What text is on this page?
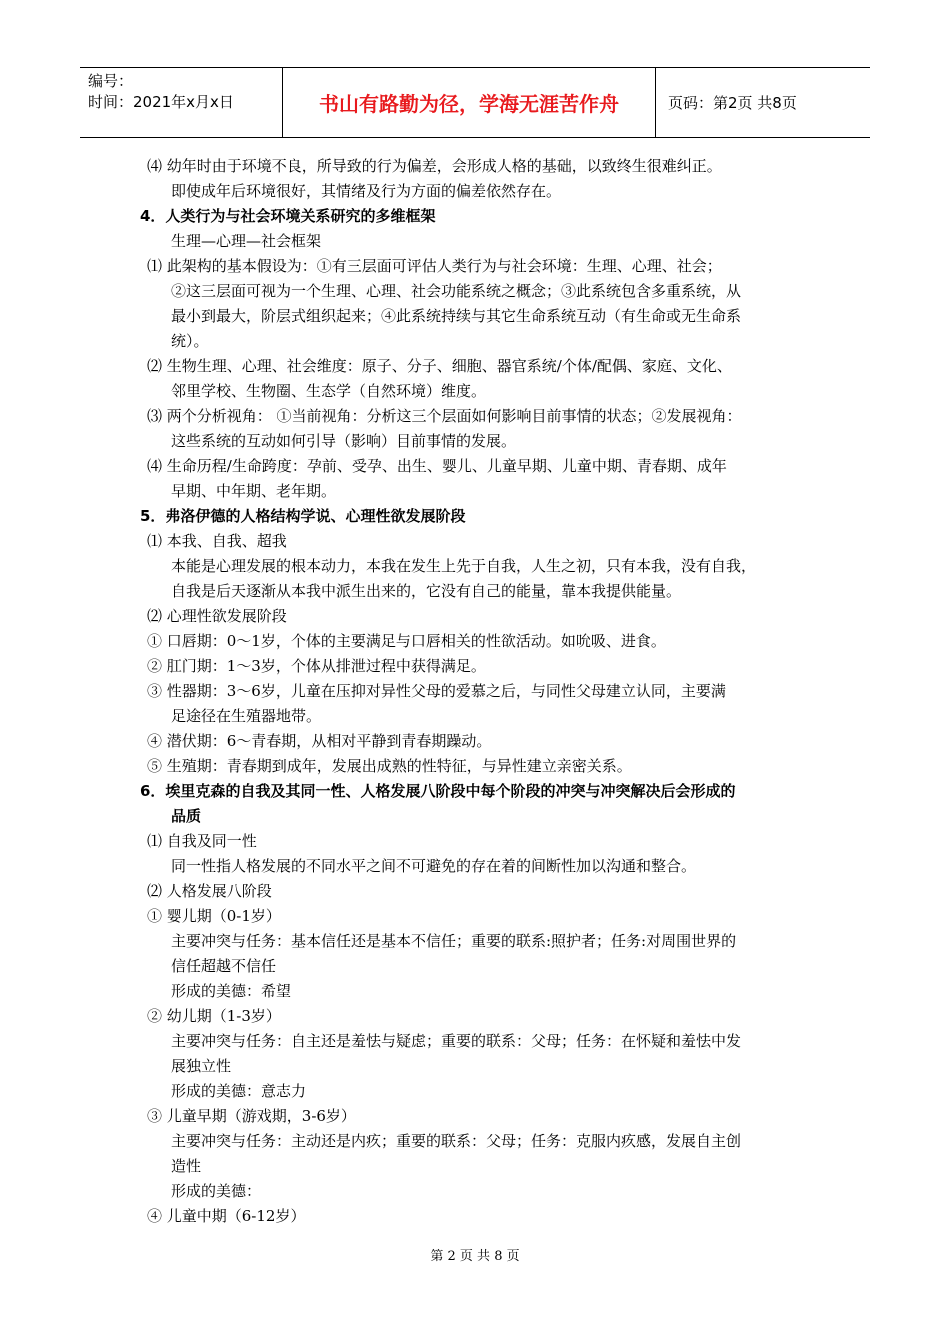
编号：
时间：2021年x月x日	书山有路勤为径，学海无涯苦作舟	页码：第2页 共8页
⑷ 幼年时由于环境不良，所导致的行为偏差，会形成人格的基础，以致终生很难纠正。
即使成年后环境很好，其情绪及行为方面的偏差依然存在。
4．人类行为与社会环境关系研究的多维框架
生理—心理—社会框架
⑴ 此架构的基本假设为：①有三层面可评估人类行为与社会环境：生理、心理、社会；
②这三层面可视为一个生理、心理、社会功能系统之概念；③此系统包含多重系统，从
最小到最大，阶层式组织起来；④此系统持续与其它生命系统互动（有生命或无生命系
统）。
⑵ 生物生理、心理、社会维度：原子、分子、细胞、器官系统/个体/配偶、家庭、文化、
邻里学校、生物圈、生态学（自然环境）维度。
⑶ 两个分析视角： ①当前视角：分析这三个层面如何影响目前事情的状态；②发展视角：
这些系统的互动如何引导（影响）目前事情的发展。
⑷ 生命历程/生命跨度：孕前、受孕、出生、婴儿、儿童早期、儿童中期、青春期、成年
早期、中年期、老年期。
5．弗洛伊德的人格结构学说、心理性欲发展阶段
⑴ 本我、自我、超我
本能是心理发展的根本动力，本我在发生上先于自我，人生之初，只有本我，没有自我，
自我是后天逐渐从本我中派生出来的，它没有自己的能量，靠本我提供能量。
⑵ 心理性欲发展阶段
① 口唇期：0～1岁，个体的主要满足与口唇相关的性欲活动。如吮吸、进食。
② 肛门期：1～3岁，个体从排泄过程中获得满足。
③ 性器期：3～6岁，儿童在压抑对异性父母的爱慕之后，与同性父母建立认同，主要满
足途径在生殖器地带。
④ 潜伏期：6～青春期，从相对平静到青春期躁动。
⑤ 生殖期：青春期到成年，发展出成熟的性特征，与异性建立亲密关系。
6．埃里克森的自我及其同一性、人格发展八阶段中每个阶段的冲突与冲突解决后会形成的
品质
⑴ 自我及同一性
同一性指人格发展的不同水平之间不可避免的存在着的间断性加以沟通和整合。
⑵ 人格发展八阶段
① 婴儿期（0-1岁）
主要冲突与任务：基本信任还是基本不信任；重要的联系:照护者；任务:对周围世界的
信任超越不信任
形成的美德：希望
② 幼儿期（1-3岁）
主要冲突与任务：自主还是羞怯与疑虑；重要的联系：父母；任务：在怀疑和羞怯中发
展独立性
形成的美德：意志力
③ 儿童早期（游戏期，3-6岁）
主要冲突与任务：主动还是内疚；重要的联系：父母；任务：克服内疚感，发展自主创
造性
形成的美德：
④ 儿童中期（6-12岁）
第 2 页 共 8 页
